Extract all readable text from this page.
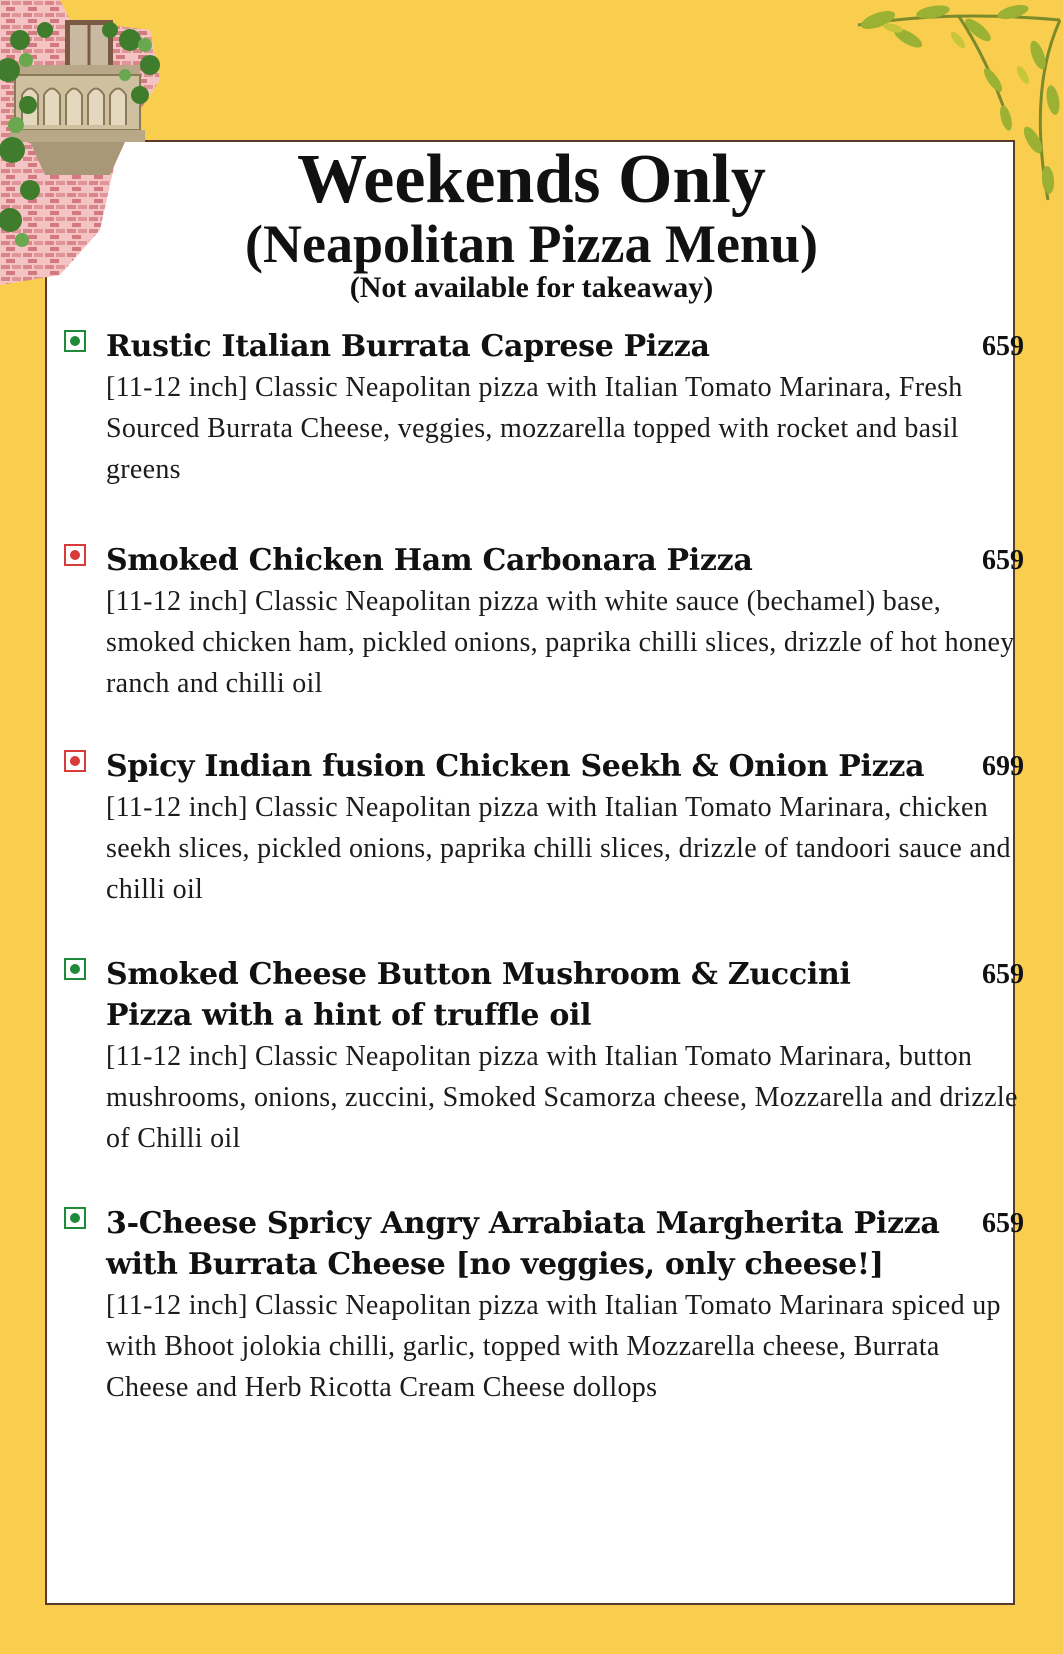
Weekends Only
(Neapolitan Pizza Menu)
(Not available for takeaway)
Rustic Italian Burrata Caprese Pizza	659
[11-12 inch] Classic Neapolitan pizza with Italian Tomato Marinara, Fresh Sourced Burrata Cheese, veggies, mozzarella topped with rocket and basil greens
Smoked Chicken Ham Carbonara Pizza	659
[11-12 inch] Classic Neapolitan pizza with white sauce (bechamel) base, smoked chicken ham, pickled onions, paprika chilli slices, drizzle of hot honey ranch and chilli oil
Spicy Indian fusion Chicken Seekh & Onion Pizza	699
[11-12 inch] Classic Neapolitan pizza with Italian Tomato Marinara, chicken seekh slices, pickled onions, paprika chilli slices, drizzle of tandoori sauce and chilli oil
Smoked Cheese Button Mushroom & Zuccini Pizza with a hint of truffle oil
659
[11-12 inch] Classic Neapolitan pizza with Italian Tomato Marinara, button mushrooms, onions, zuccini, Smoked Scamorza cheese, Mozzarella and drizzle of Chilli oil
3-Cheese Spricy Angry Arrabiata Margherita Pizza with Burrata Cheese [no veggies, only cheese!]
659
[11-12 inch] Classic Neapolitan pizza with Italian Tomato Marinara spiced up with Bhoot jolokia chilli, garlic, topped with Mozzarella cheese, Burrata Cheese and Herb Ricotta Cream Cheese dollops
